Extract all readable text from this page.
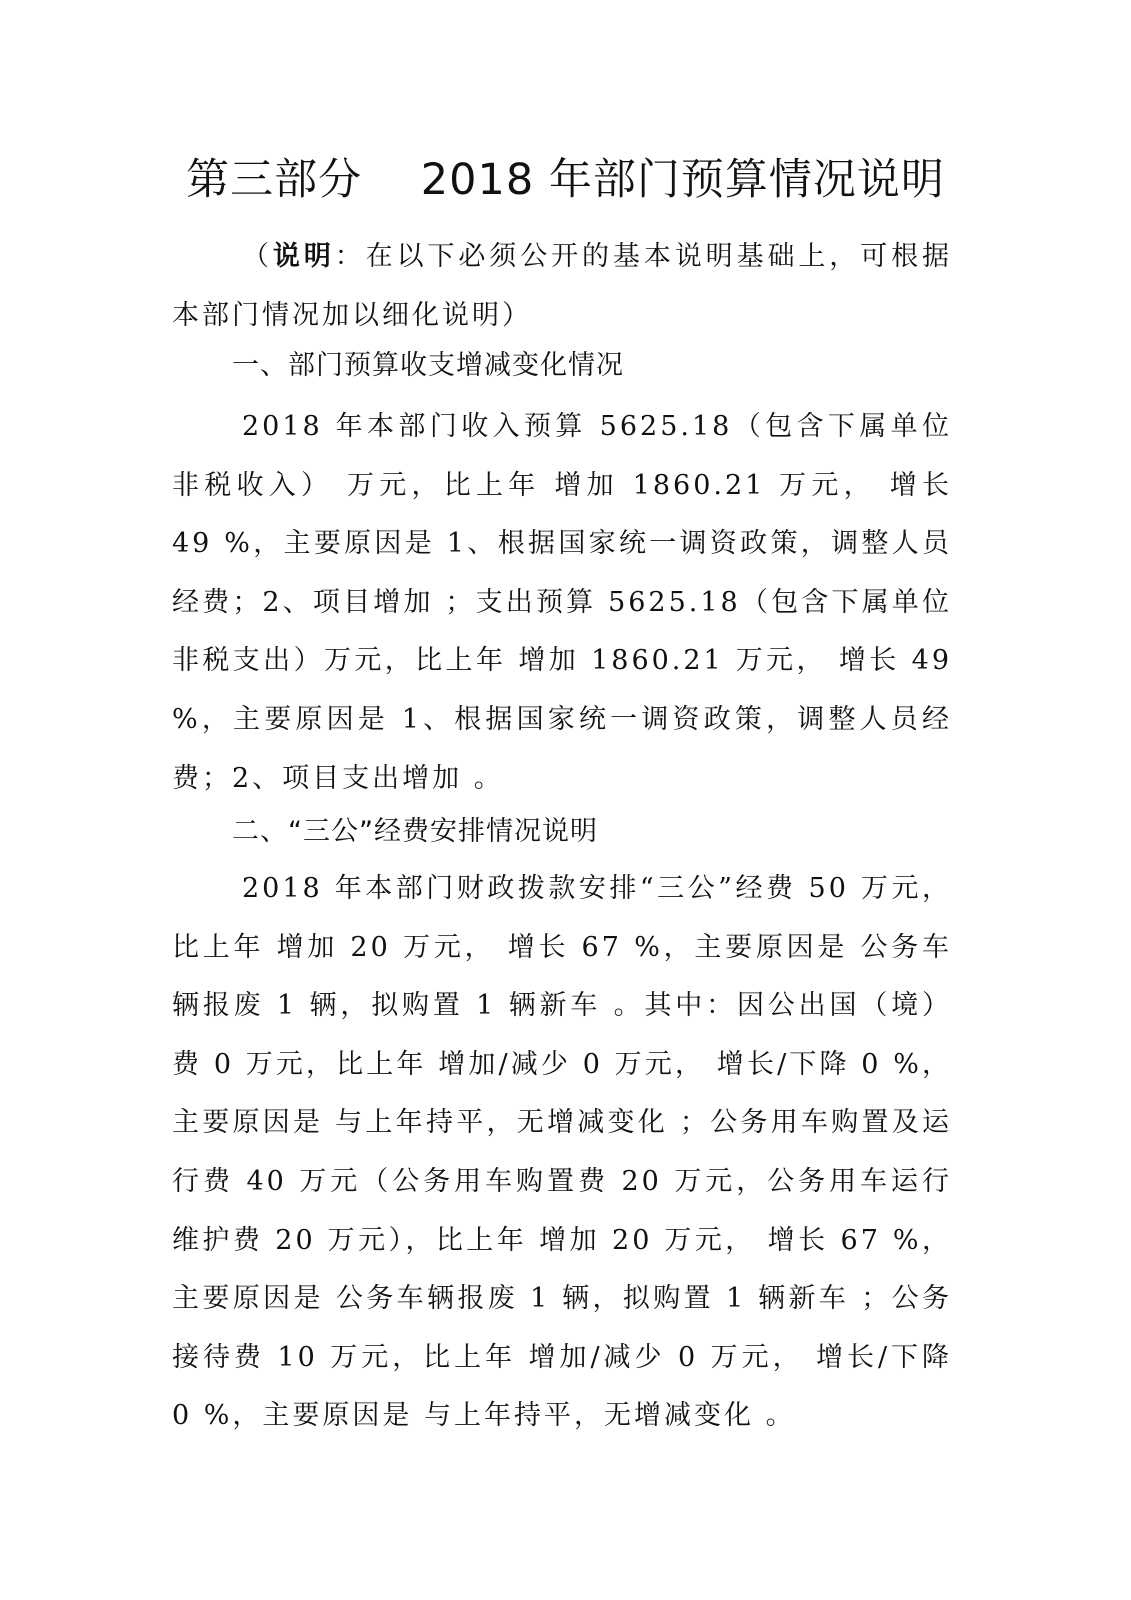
第三部分    2018 年部门预算情况说明

（说明：在以下必须公开的基本说明基础上，可根据本部门情况加以细化说明）

一、部门预算收支增减变化情况

2018 年本部门收入预算 5625.18（包含下属单位非税收入） 万元，比上年 增加 1860.21 万元， 增长 49 %，主要原因是 1、根据国家统一调资政策，调整人员经费；2、项目增加 ；支出预算 5625.18（包含下属单位非税支出）万元，比上年 增加 1860.21 万元， 增长 49 %，主要原因是 1、根据国家统一调资政策，调整人员经费；2、项目支出增加 。

二、“三公”经费安排情况说明

2018 年本部门财政拨款安排“三公”经费 50 万元，比上年 增加 20 万元， 增长 67 %，主要原因是 公务车辆报废 1 辆，拟购置 1 辆新车 。其中：因公出国（境）费 0 万元，比上年 增加/减少 0 万元， 增长/下降 0 %，主要原因是 与上年持平，无增减变化 ；公务用车购置及运行费 40 万元（公务用车购置费 20 万元，公务用车运行维护费 20 万元），比上年 增加 20 万元， 增长 67 %，主要原因是 公务车辆报废 1 辆，拟购置 1 辆新车 ；公务接待费 10 万元，比上年 增加/减少 0 万元， 增长/下降 0 %，主要原因是 与上年持平，无增减变化 。
